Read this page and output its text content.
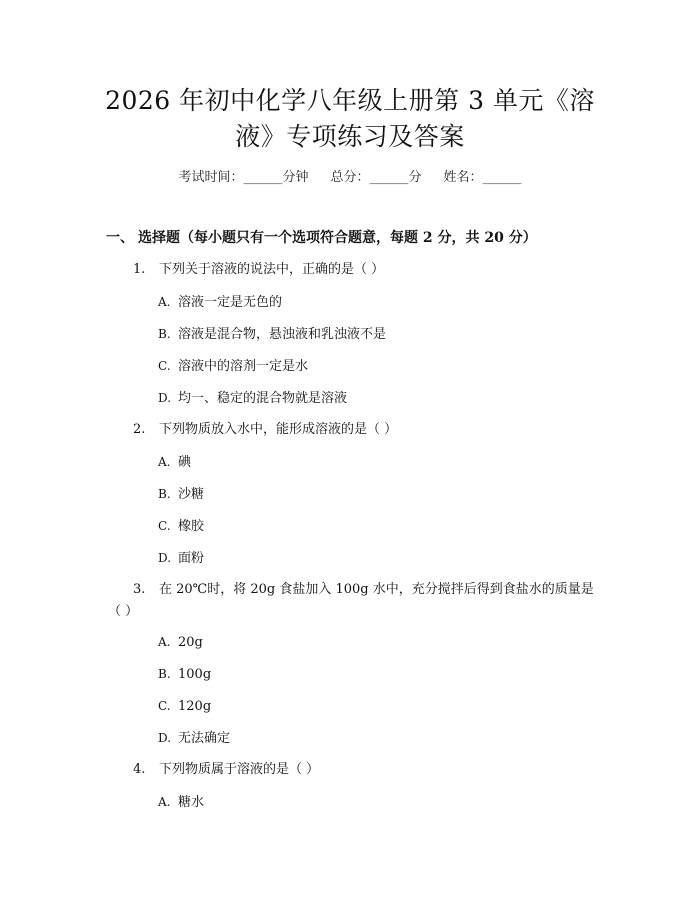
2026 年初中化学八年级上册第 3 单元《溶
液》专项练习及答案
考试时间：______分钟 总分：______分 姓名：______
一、 选择题（每小题只有一个选项符合题意，每题 2 分，共 20 分）
1. 下列关于溶液的说法中，正确的是（ ）
A. 溶液一定是无色的
B. 溶液是混合物，悬浊液和乳浊液不是
C. 溶液中的溶剂一定是水
D. 均一、稳定的混合物就是溶液
2. 下列物质放入水中，能形成溶液的是（ ）
A. 碘
B. 沙糖
C. 橡胶
D. 面粉
3. 在 20℃时，将 20g 食盐加入 100g 水中，充分搅拌后得到食盐水的质量是
（ ）
A. 20g
B. 100g
C. 120g
D. 无法确定
4. 下列物质属于溶液的是（ ）
A. 糖水
